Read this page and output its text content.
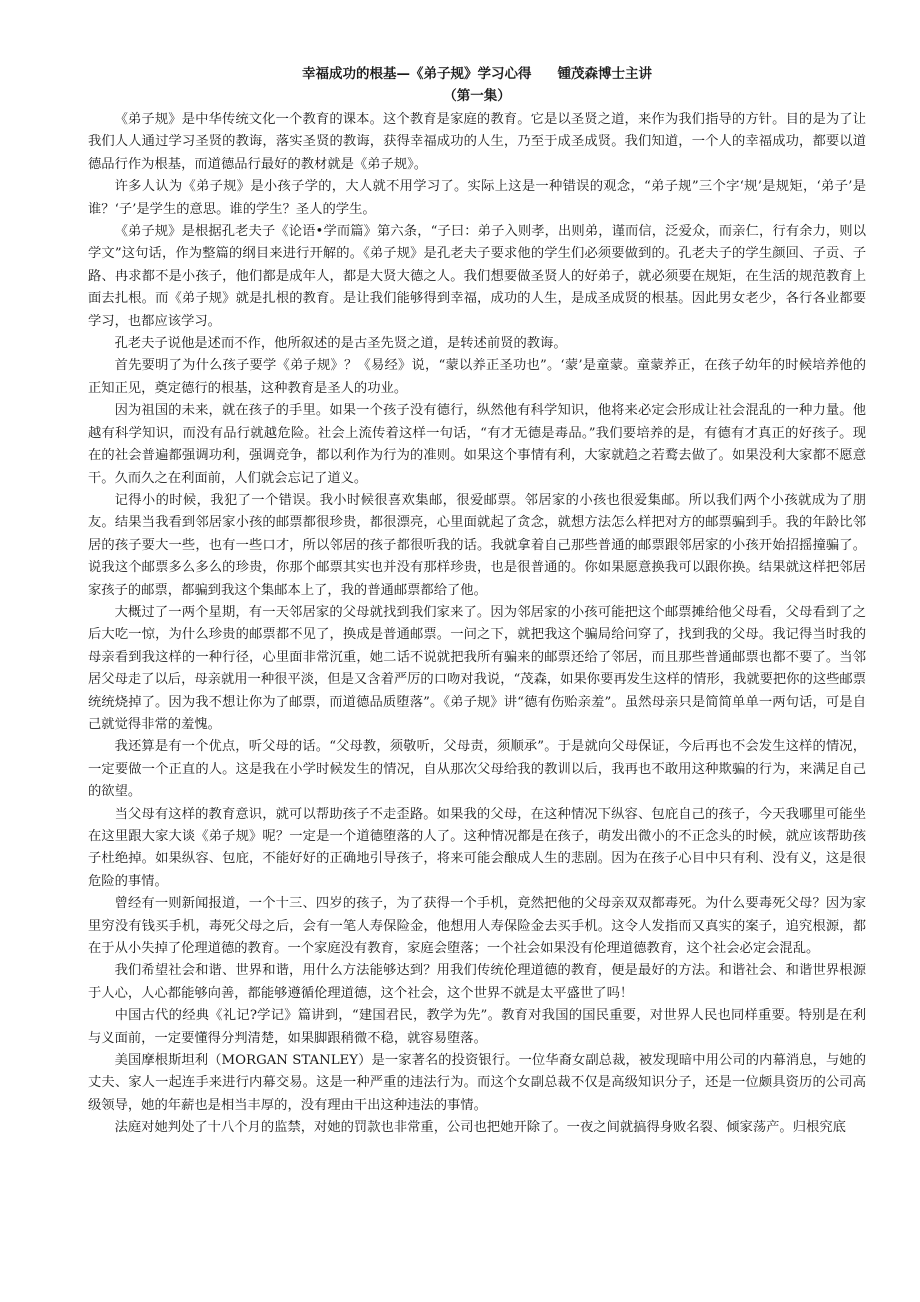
幸福成功的根基—《弟子规》学习心得 锺茂森博士主讲

（第一集）

《弟子规》是中华传统文化一个教育的课本。这个教育是家庭的教育。它是以圣贤之道，来作为我们指导的方针。目的是为了让我们人人通过学习圣贤的教诲，落实圣贤的教诲，获得幸福成功的人生，乃至于成圣成贤。我们知道，一个人的幸福成功，都要以道德品行作为根基，而道德品行最好的教材就是《弟子规》。

许多人认为《弟子规》是小孩子学的，大人就不用学习了。实际上这是一种错误的观念，“弟子规”三个字‘规’是规矩，‘弟子’是谁？‘子’是学生的意思。谁的学生？圣人的学生。

《弟子规》是根据孔老夫子《论语•学而篇》第六条，“子曰：弟子入则孝，出则弟，谨而信，泛爱众，而亲仁，行有余力，则以学文”这句话，作为整篇的纲目来进行开解的。《弟子规》是孔老夫子要求他的学生们必须要做到的。孔老夫子的学生颜回、子贡、子路、冉求都不是小孩子，他们都是成年人，都是大贤大德之人。我们想要做圣贤人的好弟子，就必须要在规矩，在生活的规范教育上面去扎根。而《弟子规》就是扎根的教育。是让我们能够得到幸福，成功的人生，是成圣成贤的根基。因此男女老少，各行各业都要学习，也都应该学习。

孔老夫子说他是述而不作，他所叙述的是古圣先贤之道，是转述前贤的教诲。

首先要明了为什么孩子要学《弟子规》？《易经》说，“蒙以养正圣功也”。‘蒙’是童蒙。童蒙养正，在孩子幼年的时候培养他的正知正见，奠定德行的根基，这种教育是圣人的功业。

因为祖国的未来，就在孩子的手里。如果一个孩子没有德行，纵然他有科学知识，他将来必定会形成让社会混乱的一种力量。他越有科学知识，而没有品行就越危险。社会上流传着这样一句话，“有才无德是毒品。”我们要培养的是，有德有才真正的好孩子。现在的社会普遍都强调功利，强调竞争，都以利作为行为的准则。如果这个事情有利，大家就趋之若鹜去做了。如果没利大家都不愿意干。久而久之在利面前，人们就会忘记了道义。

记得小的时候，我犯了一个错误。我小时候很喜欢集邮，很爱邮票。邻居家的小孩也很爱集邮。所以我们两个小孩就成为了朋友。结果当我看到邻居家小孩的邮票都很珍贵，都很漂亮，心里面就起了贪念，就想方法怎么样把对方的邮票骗到手。我的年龄比邻居的孩子要大一些，也有一些口才，所以邻居的孩子都很听我的话。我就拿着自己那些普通的邮票跟邻居家的小孩开始招摇撞骗了。说我这个邮票多么多么的珍贵，你那个邮票其实也并没有那样珍贵，也是很普通的。你如果愿意换我可以跟你换。结果就这样把邻居家孩子的邮票，都骗到我这个集邮本上了，我的普通邮票都给了他。

大概过了一两个星期，有一天邻居家的父母就找到我们家来了。因为邻居家的小孩可能把这个邮票摊给他父母看，父母看到了之后大吃一惊，为什么珍贵的邮票都不见了，换成是普通邮票。一问之下，就把我这个骗局给问穿了，找到我的父母。我记得当时我的母亲看到我这样的一种行径，心里面非常沉重，她二话不说就把我所有骗来的邮票还给了邻居，而且那些普通邮票也都不要了。当邻居父母走了以后，母亲就用一种很平淡，但是又含着严厉的口吻对我说，“茂森，如果你要再发生这样的情形，我就要把你的这些邮票统统烧掉了。因为我不想让你为了邮票，而道德品质堕落”。《弟子规》讲“德有伤贻亲羞”。虽然母亲只是简简单单一两句话，可是自己就觉得非常的羞愧。

我还算是有一个优点，听父母的话。“父母教，须敬听，父母责，须顺承”。于是就向父母保证，今后再也不会发生这样的情况，一定要做一个正直的人。这是我在小学时候发生的情况，自从那次父母给我的教训以后，我再也不敢用这种欺骗的行为，来满足自己的欲望。

当父母有这样的教育意识，就可以帮助孩子不走歪路。如果我的父母，在这种情况下纵容、包庇自己的孩子，今天我哪里可能坐在这里跟大家大谈《弟子规》呢？一定是一个道德堕落的人了。这种情况都是在孩子，萌发出微小的不正念头的时候，就应该帮助孩子杜绝掉。如果纵容、包庇，不能好好的正确地引导孩子，将来可能会酿成人生的悲剧。因为在孩子心目中只有利、没有义，这是很危险的事情。

曾经有一则新闻报道，一个十三、四岁的孩子，为了获得一个手机，竟然把他的父母亲双双都毒死。为什么要毒死父母？因为家里穷没有钱买手机，毒死父母之后，会有一笔人寿保险金，他想用人寿保险金去买手机。这令人发指而又真实的案子，追究根源，都在于从小失掉了伦理道德的教育。一个家庭没有教育，家庭会堕落；一个社会如果没有伦理道德教育，这个社会必定会混乱。

我们希望社会和谐、世界和谐，用什么方法能够达到？用我们传统伦理道德的教育，便是最好的方法。和谐社会、和谐世界根源于人心，人心都能够向善，都能够遵循伦理道德，这个社会，这个世界不就是太平盛世了吗！

中国古代的经典《礼记?学记》篇讲到，“建国君民，教学为先”。教育对我国的国民重要，对世界人民也同样重要。特别是在利与义面前，一定要懂得分判清楚，如果脚跟稍微不稳，就容易堕落。

美国摩根斯坦利（MORGAN STANLEY）是一家著名的投资银行。一位华裔女副总裁，被发现暗中用公司的内幕消息，与她的丈夫、家人一起连手来进行内幕交易。这是一种严重的违法行为。而这个女副总裁不仅是高级知识分子，还是一位颇具资历的公司高级领导，她的年薪也是相当丰厚的，没有理由干出这种违法的事情。

法庭对她判处了十八个月的监禁，对她的罚款也非常重，公司也把她开除了。一夜之间就搞得身败名裂、倾家荡产。归根究底
